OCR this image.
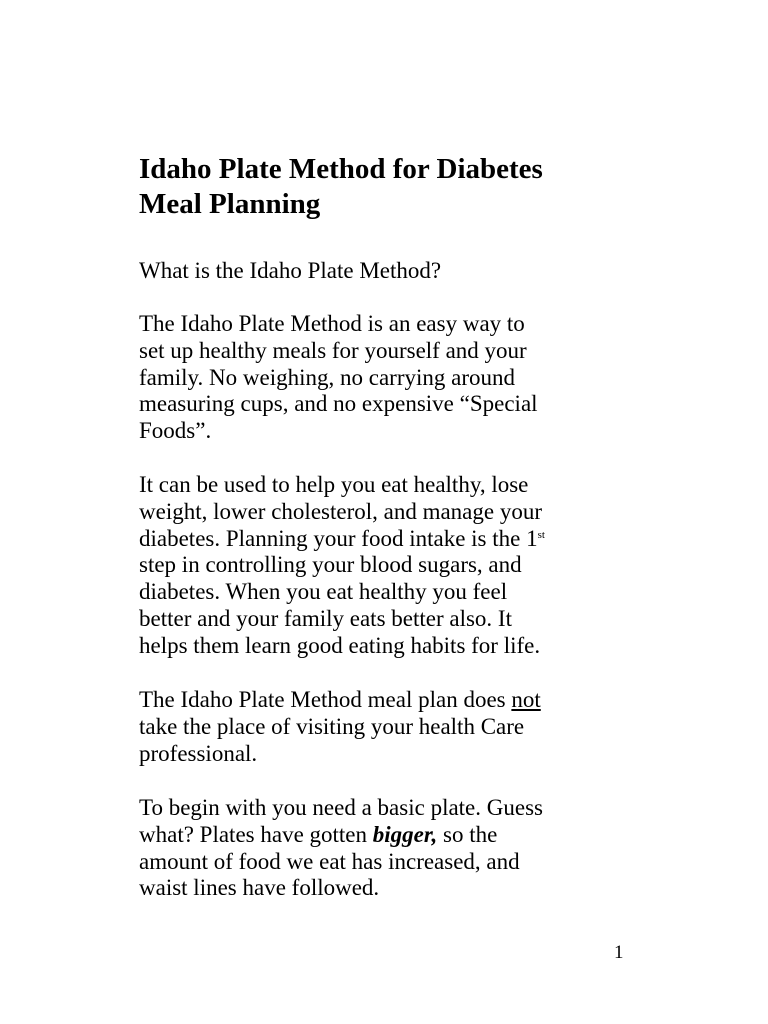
Idaho Plate Method for Diabetes
Meal Planning

What is the Idaho Plate Method?

The Idaho Plate Method is an easy way to
set up healthy meals for yourself and your
family. No weighing, no carrying around
measuring cups, and no expensive “Special
Foods”.

It can be used to help you eat healthy, lose
weight, lower cholesterol, and manage your
diabetes. Planning your food intake is the 1st
step in controlling your blood sugars, and
diabetes. When you eat healthy you feel
better and your family eats better also. It
helps them learn good eating habits for life.

The Idaho Plate Method meal plan does not
take the place of visiting your health Care
professional.

To begin with you need a basic plate. Guess
what? Plates have gotten bigger, so the
amount of food we eat has increased, and
waist lines have followed.

1
